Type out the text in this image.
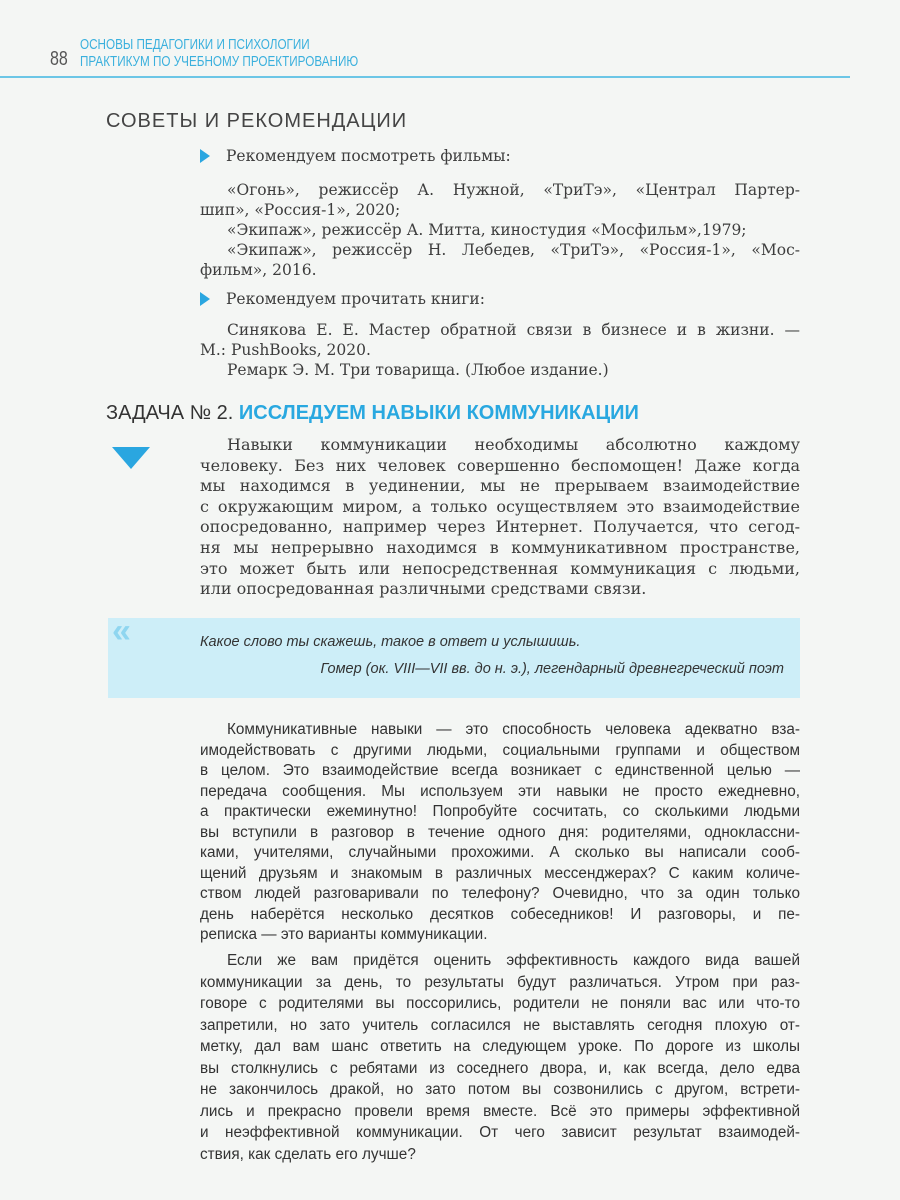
88
ОСНОВЫ ПЕДАГОГИКИ И ПСИХОЛОГИИ
ПРАКТИКУМ ПО УЧЕБНОМУ ПРОЕКТИРОВАНИЮ
СОВЕТЫ И РЕКОМЕНДАЦИИ
Рекомендуем посмотреть фильмы:
«Огонь», режиссёр А. Нужной, «ТриТэ», «Централ Партер-
шип», «Россия-1», 2020;
«Экипаж», режиссёр А. Митта, киностудия «Мосфильм»,1979;
«Экипаж», режиссёр Н. Лебедев, «ТриТэ», «Россия-1», «Мос-
фильм», 2016.
Рекомендуем прочитать книги:
Синякова Е. Е. Мастер обратной связи в бизнесе и в жизни. —
М.: PushBooks, 2020.
Ремарк Э. М. Три товарища. (Любое издание.)
ЗАДАЧА № 2. ИССЛЕДУЕМ НАВЫКИ КОММУНИКАЦИИ
Навыки коммуникации необходимы абсолютно каждому
человеку. Без них человек совершенно беспомощен! Даже когда
мы находимся в уединении, мы не прерываем взаимодействие
с окружающим миром, а только осуществляем это взаимодействие
опосредованно, например через Интернет. Получается, что сегод-
ня мы непрерывно находимся в коммуникативном пространстве,
это может быть или непосредственная коммуникация с людьми,
или опосредованная различными средствами связи.
Какое слово ты скажешь, такое в ответ и услышишь.
Гомер (ок. VIII—VII вв. до н. э.), легендарный древнегреческий поэт
«
Коммуникативные навыки — это способность человека адекватно вза-
имодействовать с другими людьми, социальными группами и обществом
в целом. Это взаимодействие всегда возникает с единственной целью —
передача сообщения. Мы используем эти навыки не просто ежедневно,
а практически ежеминутно! Попробуйте сосчитать, со сколькими людьми
вы вступили в разговор в течение одного дня: родителями, одноклассни-
ками, учителями, случайными прохожими. А сколько вы написали сооб-
щений друзьям и знакомым в различных мессенджерах? С каким количе-
ством людей разговаривали по телефону? Очевидно, что за один только
день наберётся несколько десятков собеседников! И разговоры, и пе-
реписка — это варианты коммуникации.
Если же вам придётся оценить эффективность каждого вида вашей
коммуникации за день, то результаты будут различаться. Утром при раз-
говоре с родителями вы поссорились, родители не поняли вас или что-то
запретили, но зато учитель согласился не выставлять сегодня плохую от-
метку, дал вам шанс ответить на следующем уроке. По дороге из школы
вы столкнулись с ребятами из соседнего двора, и, как всегда, дело едва
не закончилось дракой, но зато потом вы созвонились с другом, встрети-
лись и прекрасно провели время вместе. Всё это примеры эффективной
и неэффективной коммуникации. От чего зависит результат взаимодей-
ствия, как сделать его лучше?
